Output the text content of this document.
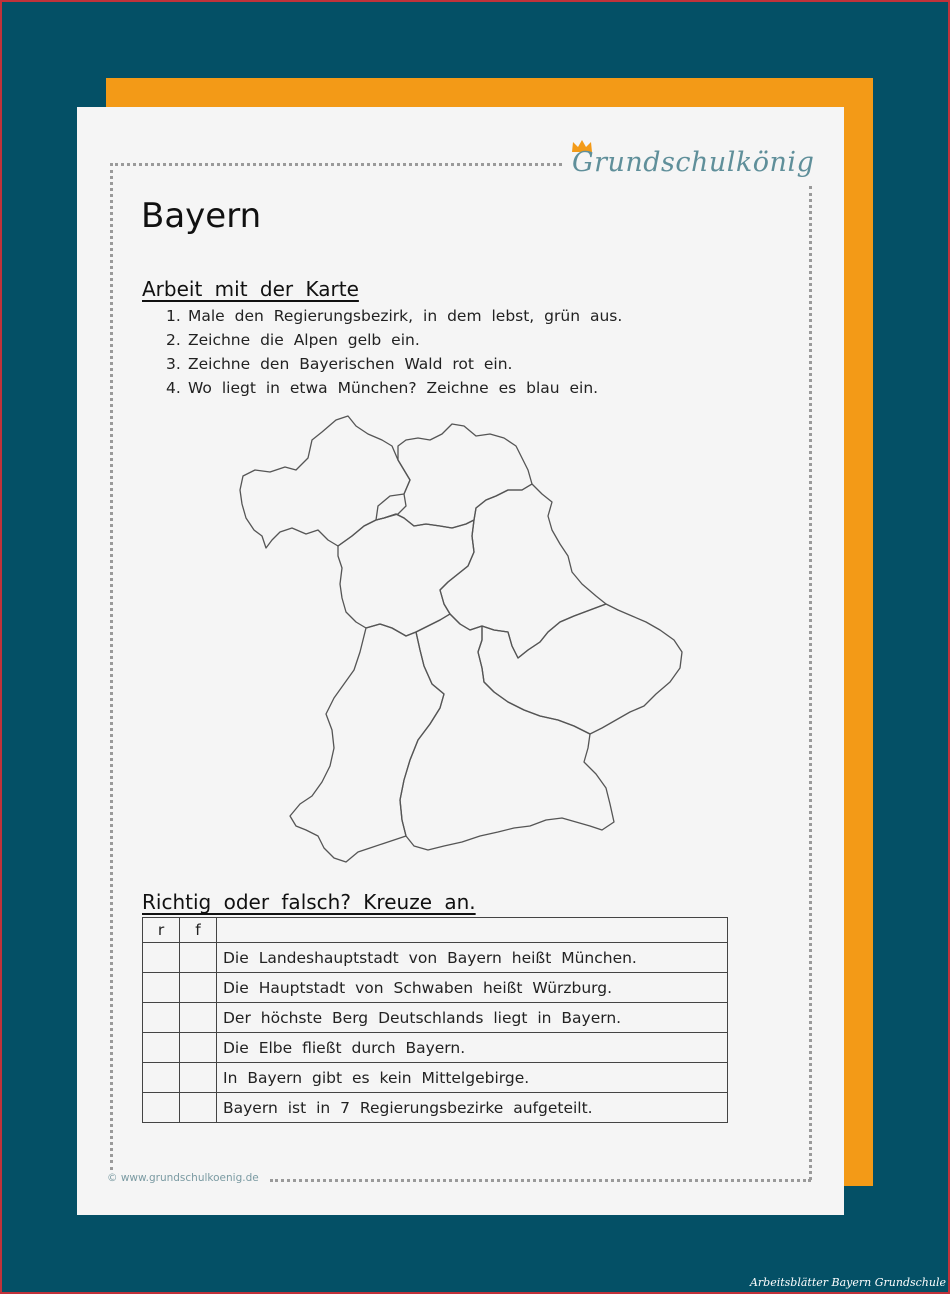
Grundschulkönig
Bayern
Arbeit mit der Karte
1. Male den Regierungsbezirk, in dem lebst, grün aus.
2. Zeichne die Alpen gelb ein.
3. Zeichne den Bayerischen Wald rot ein.
4. Wo liegt in etwa München? Zeichne es blau ein.
Richtig oder falsch? Kreuze an.
r	f	
		Die Landeshauptstadt von Bayern heißt München.
		Die Hauptstadt von Schwaben heißt Würzburg.
		Der höchste Berg Deutschlands liegt in Bayern.
		Die Elbe fließt durch Bayern.
		In Bayern gibt es kein Mittelgebirge.
		Bayern ist in 7 Regierungsbezirke aufgeteilt.
© www.grundschulkoenig.de
Arbeitsblätter Bayern Grundschule
